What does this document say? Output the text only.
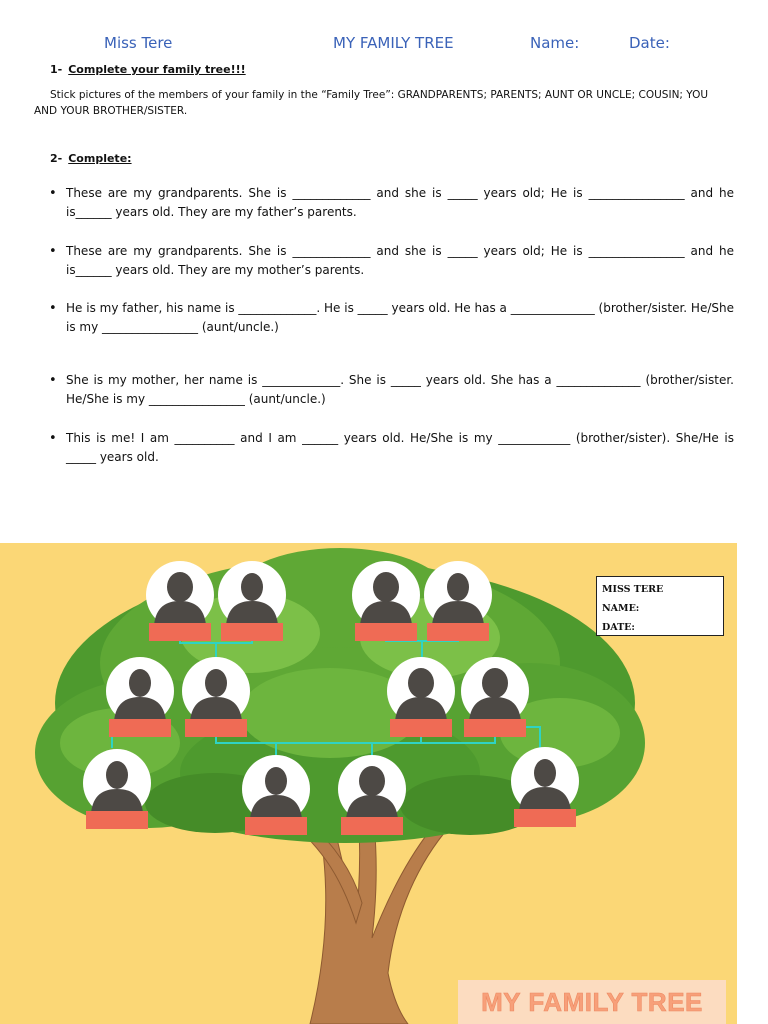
Miss Tere	MY FAMILY TREE	Name:	Date:
1- Complete your family tree!!!
Stick pictures of the members of your family in the “Family Tree”: GRANDPARENTS; PARENTS; AUNT OR UNCLE; COUSIN; YOU AND YOUR BROTHER/SISTER.
2- Complete:
• These are my grandparents. She is _____________ and she is _____ years old; He is ________________ and he is______ years old. They are my father’s parents.
• These are my grandparents. She is _____________ and she is _____ years old; He is ________________ and he is______ years old. They are my mother’s parents.
• He is my father, his name is _____________. He is _____ years old. He has a ______________ (brother/sister. He/She is my ________________ (aunt/uncle.)
• She is my mother, her name is _____________. She is _____ years old. She has a ______________ (brother/sister. He/She is my ________________ (aunt/uncle.)
• This is me! I am __________ and I am ______ years old. He/She is my ____________ (brother/sister). She/He is _____ years old.
MISS TERE
NAME:
DATE:
MY FAMILY TREE
